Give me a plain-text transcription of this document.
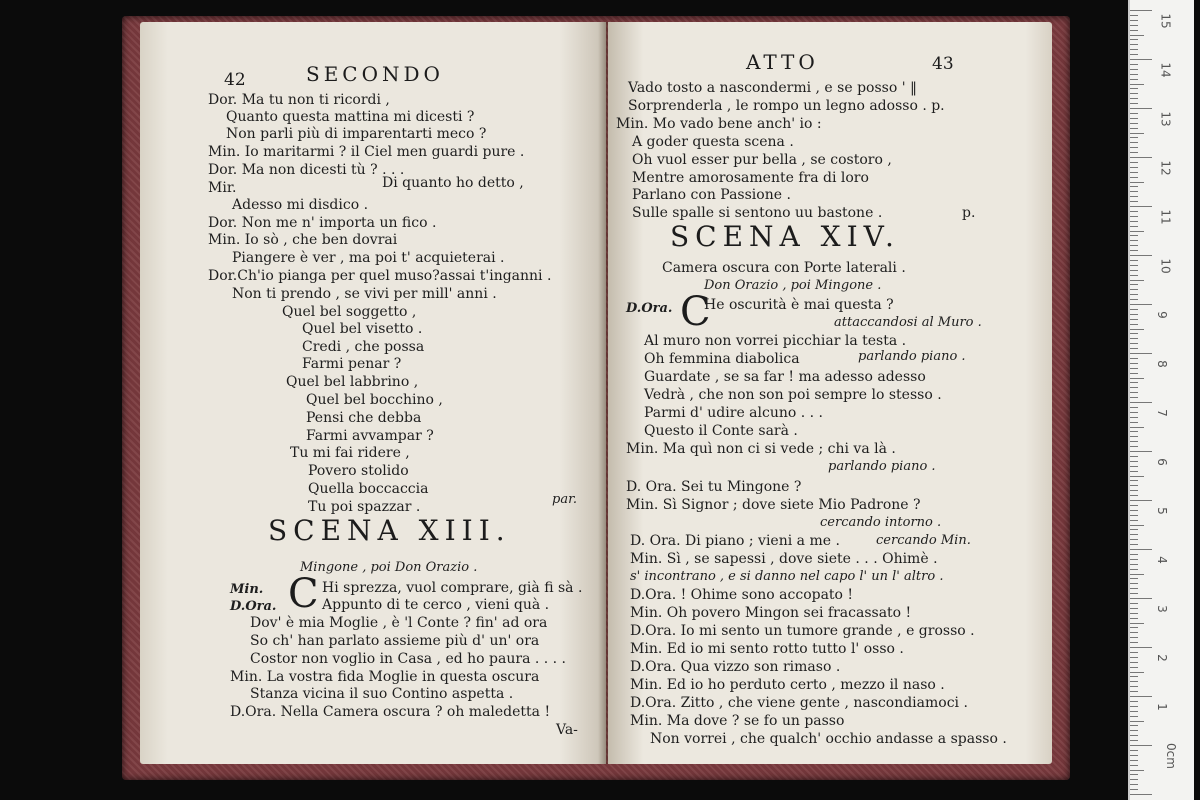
42	SECONDO
SCENA XIII.
C
Dor. Ma tu non ti ricordi ,
Quanto questa mattina mi dicesti ?
Non parli più di imparentarti meco ?
Min. Io maritarmi ? il Ciel men guardi pure .
Dor. Ma non dicesti tù ? . . .
Mir.	Di quanto ho detto ,
Adesso mi disdico .
Dor. Non me n' importa un fico .
Min. Io sò , che ben dovrai
Piangere è ver , ma poi t' acquieterai .
Dor.Ch'io pianga per quel muso?assai t'inganni .
Non ti prendo , se vivi per mill' anni .
Quel bel soggetto ,
Quel bel visetto .
Credi , che possa
Farmi penar ?
Quel bel labbrino ,
Quel bel bocchino ,
Pensi che debba
Farmi avvampar ?
Tu mi fai ridere ,
Povero stolido
Quella boccaccia
Tu poi spazzar .	par.
Mingone , poi Don Orazio .
Min.	Hi sprezza, vuol comprare, già fi sà .
D.Ora.	Appunto di te cerco , vieni quà .
Dov' è mia Moglie , è 'l Conte ? fin' ad ora
So ch' han parlato assieme più d' un' ora
Costor non voglio in Casa , ed ho paura . . . .
Min. La vostra fida Moglie in questa oscura
Stanza vicina il suo Contino aspetta .
D.Ora. Nella Camera oscura ? oh maledetta !
Va-
ATTO	43
SCENA XIV.
C
Vado tosto a nascondermi , e se posso ' ‖
Sorprenderla , le rompo un legno adosso . p.
Min. Mo vado bene anch' io :
A goder questa scena .
Oh vuol esser pur bella , se costoro ,
Mentre amorosamente fra di loro
Parlano con Passione .
Sulle spalle si sentono uu bastone .	p.
Camera oscura con Porte laterali .
Don Orazio , poi Mingone .
D.Ora. He oscurità è mai questa ?
attaccandosi al Muro .
Al muro non vorrei picchiar la testa .
Oh femmina diabolica	parlando piano .
Guardate , se sa far ! ma adesso adesso
Vedrà , che non son poi sempre lo stesso .
Parmi d' udire alcuno . . .
Questo il Conte sarà .
Min. Ma quì non ci si vede ; chi va là .
parlando piano .
D. Ora. Sei tu Mingone ?
Min. Sì Signor ; dove siete Mio Padrone ?
cercando intorno .
D. Ora. Di piano ; vieni a me .	cercando Min.
Min. Sì , se sapessi , dove siete . . . Ohimè .
s' incontrano , e si danno nel capo l' un l' altro .
D.Ora. ! Ohime sono accopato !
Min. Oh povero Mingon sei fracassato !
D.Ora. Io mi sento un tumore grande , e grosso .
Min. Ed io mi sento rotto tutto l' osso .
D.Ora. Qua vizzo son rimaso .
Min. Ed io ho perduto certo , mezzo il naso .
D.Ora. Zitto , che viene gente , nascondiamoci .
Min. Ma dove ? se fo un passo
Non vorrei , che qualch' occhio andasse a spasso .
15
14
13
12
11
10
9
8
7
6
5
4
3
2
1
0cm
